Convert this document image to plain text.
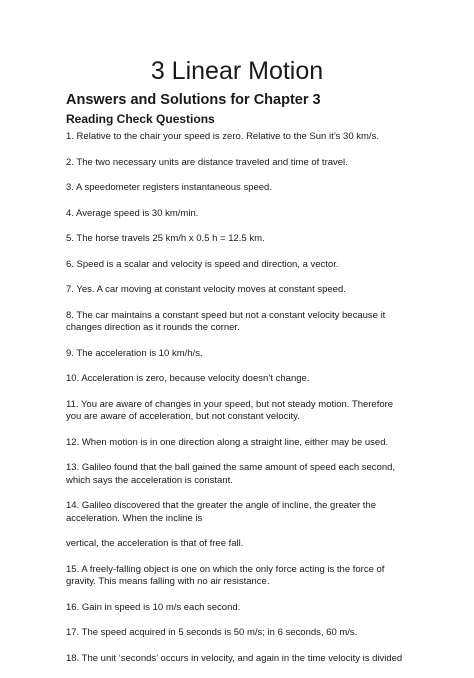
3 Linear Motion
Answers and Solutions for Chapter 3
Reading Check Questions
1. Relative to the chair your speed is zero. Relative to the Sun it’s 30 km/s.
2. The two necessary units are distance traveled and time of travel.
3. A speedometer registers instantaneous speed.
4. Average speed is 30 km/min.
5. The horse travels 25 km/h x 0.5 h = 12.5 km.
6. Speed is a scalar and velocity is speed and direction, a vector.
7. Yes. A car moving at constant velocity moves at constant speed.
8. The car maintains a constant speed but not a constant velocity because it
changes direction as it rounds the corner.
9. The acceleration is 10 km/h/s.
10. Acceleration is zero, because velocity doesn’t change.
11. You are aware of changes in your speed, but not steady motion. Therefore
you are aware of acceleration, but not constant velocity.
12. When motion is in one direction along a straight line, either may be used.
13. Galileo found that the ball gained the same amount of speed each second,
which says the acceleration is constant.
14. Galileo discovered that the greater the angle of incline, the greater the
acceleration. When the incline is
vertical, the acceleration is that of free fall.
15. A freely-falling object is one on which the only force acting is the force of
gravity. This means falling with no air resistance.
16. Gain in speed is 10 m/s each second.
17. The speed acquired in 5 seconds is 50 m/s; in 6 seconds, 60 m/s.
18. The unit ‘seconds’ occurs in velocity, and again in the time velocity is divided
